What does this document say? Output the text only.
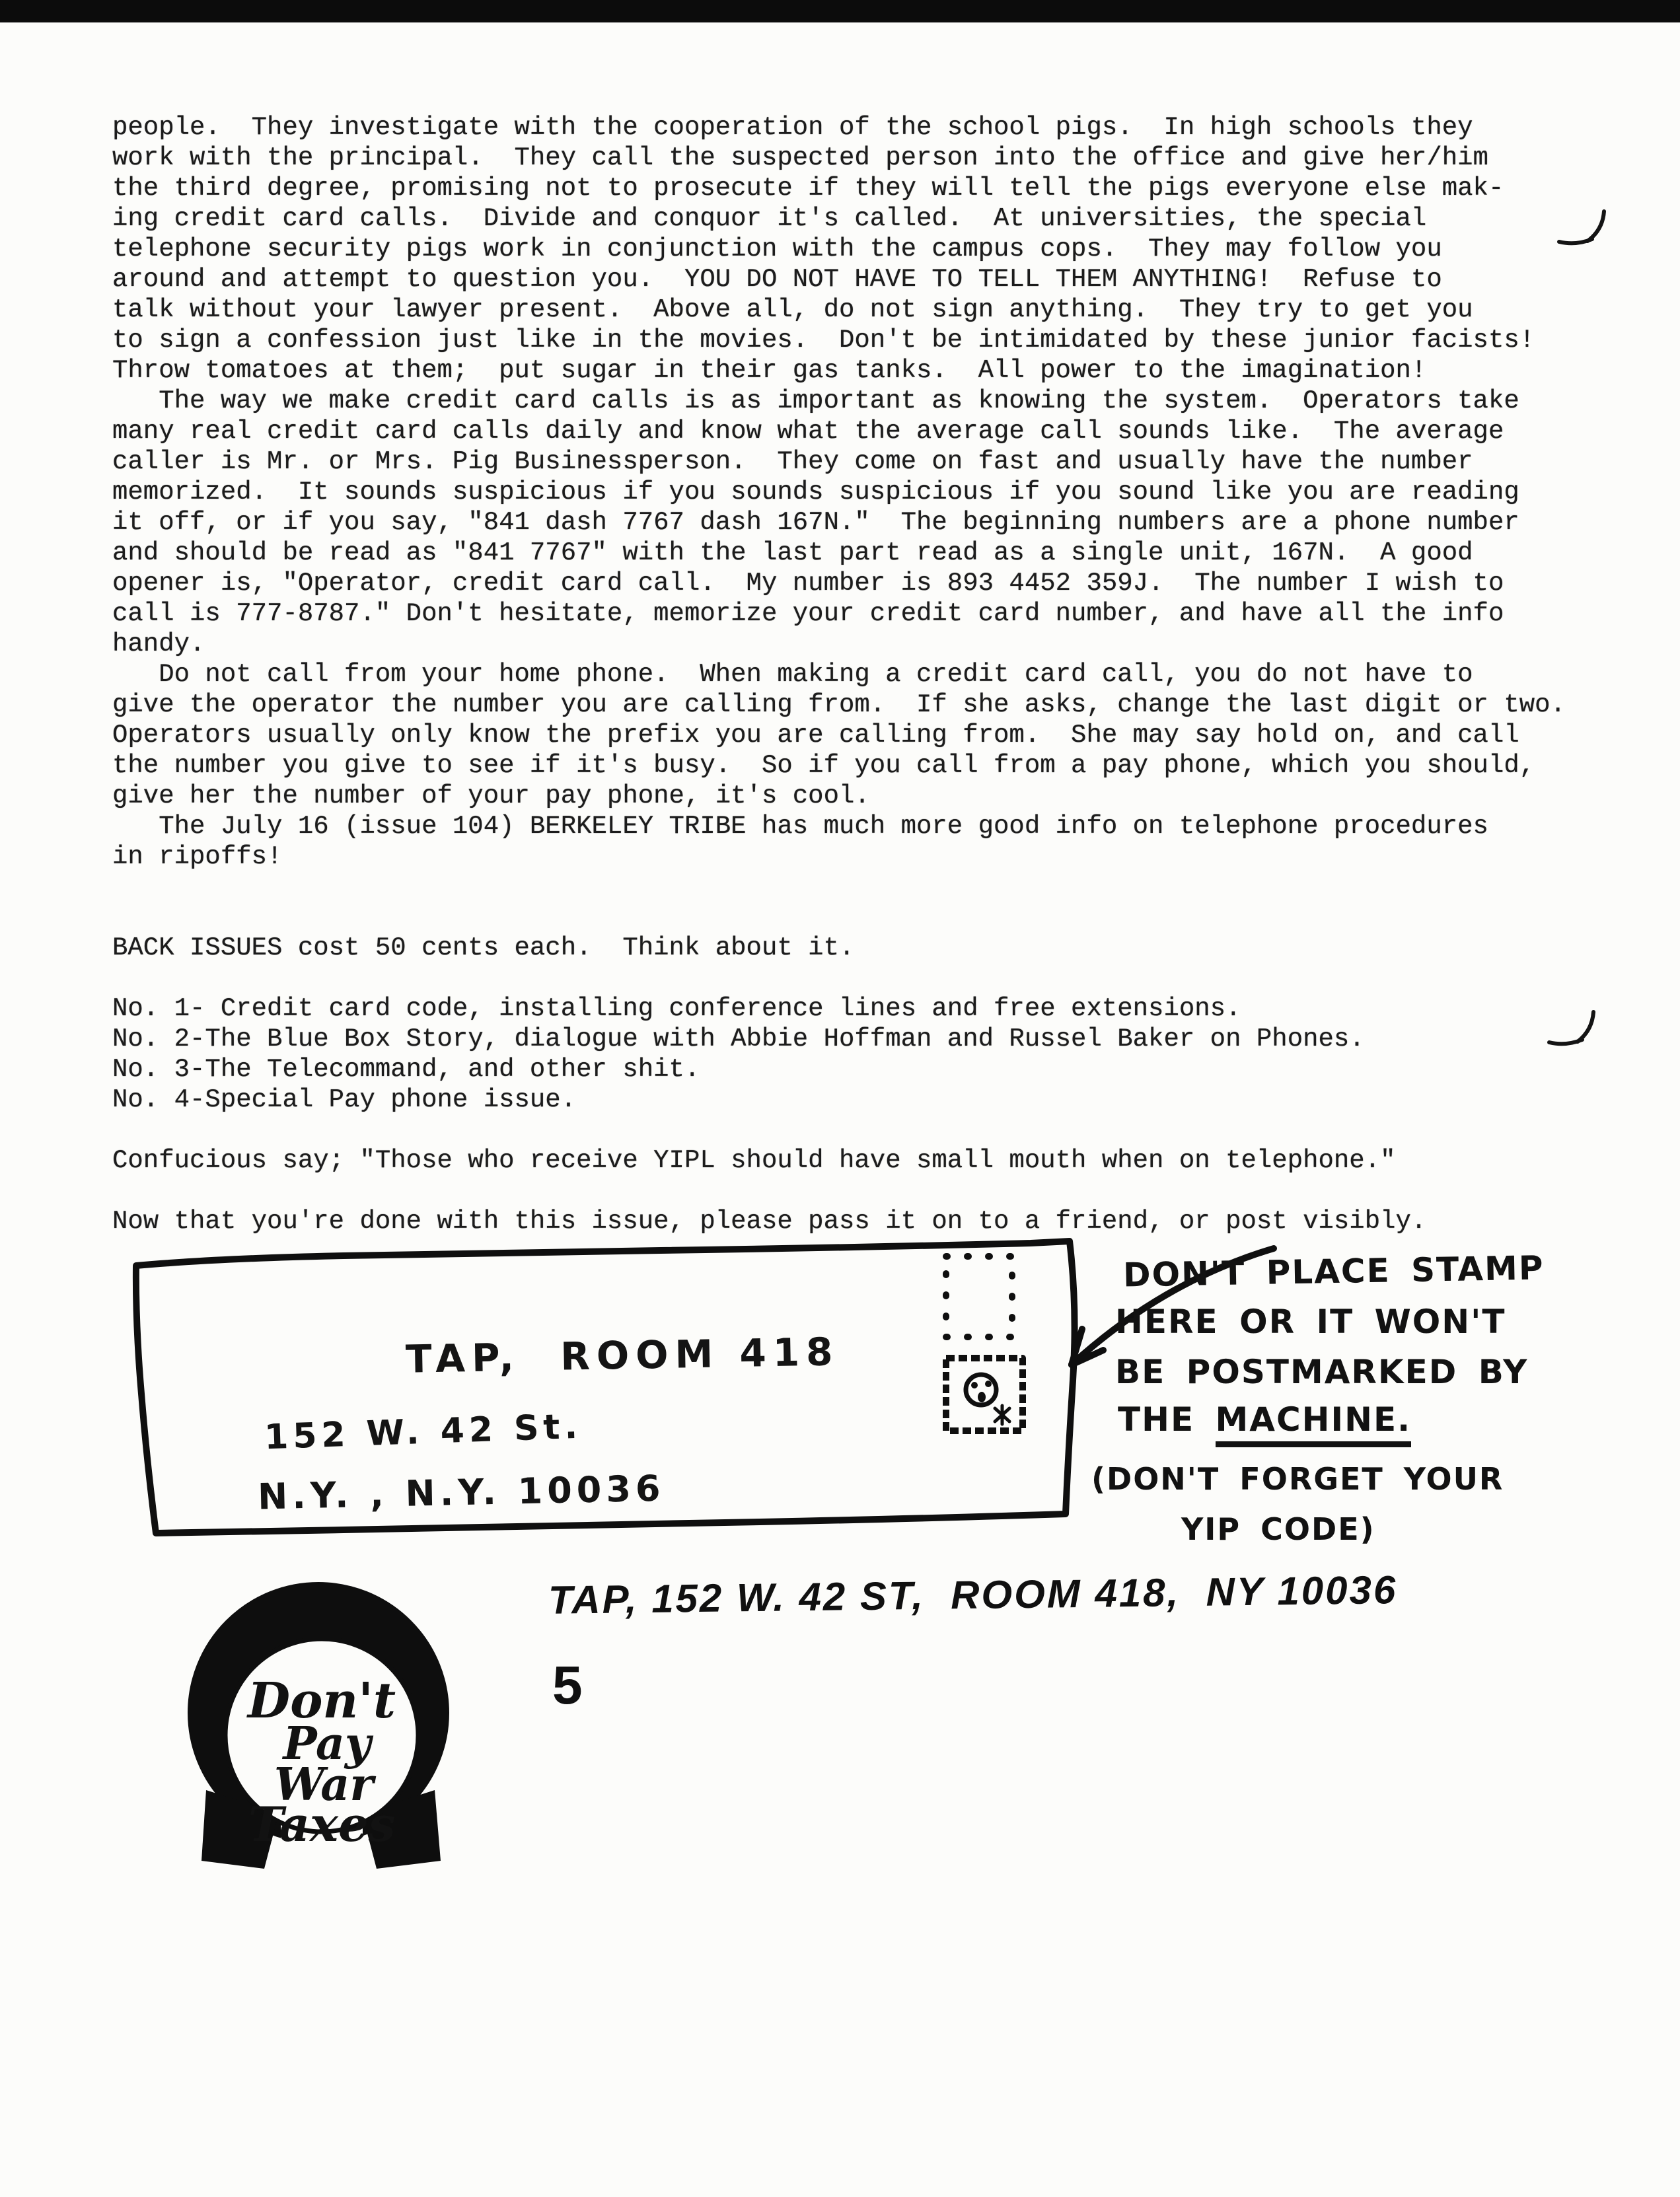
people.  They investigate with the cooperation of the school pigs.  In high schools they
work with the principal.  They call the suspected person into the office and give her/him
the third degree, promising not to prosecute if they will tell the pigs everyone else mak-
ing credit card calls.  Divide and conquor it's called.  At universities, the special
telephone security pigs work in conjunction with the campus cops.  They may follow you
around and attempt to question you.  YOU DO NOT HAVE TO TELL THEM ANYTHING!  Refuse to
talk without your lawyer present.  Above all, do not sign anything.  They try to get you
to sign a confession just like in the movies.  Don't be intimidated by these junior facists!
Throw tomatoes at them;  put sugar in their gas tanks.  All power to the imagination!
The way we make credit card calls is as important as knowing the system.  Operators take
many real credit card calls daily and know what the average call sounds like.  The average
caller is Mr. or Mrs. Pig Businessperson.  They come on fast and usually have the number
memorized.  It sounds suspicious if you sounds suspicious if you sound like you are reading
it off, or if you say, "841 dash 7767 dash 167N."  The beginning numbers are a phone number
and should be read as "841 7767" with the last part read as a single unit, 167N.  A good
opener is, "Operator, credit card call.  My number is 893 4452 359J.  The number I wish to
call is 777-8787." Don't hesitate, memorize your credit card number, and have all the info
handy.
Do not call from your home phone.  When making a credit card call, you do not have to
give the operator the number you are calling from.  If she asks, change the last digit or two.
Operators usually only know the prefix you are calling from.  She may say hold on, and call
the number you give to see if it's busy.  So if you call from a pay phone, which you should,
give her the number of your pay phone, it's cool.
The July 16 (issue 104) BERKELEY TRIBE has much more good info on telephone procedures
in ripoffs!

BACK ISSUES cost 50 cents each.  Think about it.

No. 1- Credit card code, installing conference lines and free extensions.
No. 2-The Blue Box Story, dialogue with Abbie Hoffman and Russel Baker on Phones.
No. 3-The Telecommand, and other shit.
No. 4-Special Pay phone issue.

Confucious say; "Those who receive YIPL should have small mouth when on telephone."

Now that you're done with this issue, please pass it on to a friend, or post visibly.
TAP,  ROOM 418
152 W. 42 St.
N.Y. , N.Y. 10036
DON'T PLACE STAMP
HERE OR IT WON'T
BE POSTMARKED BY
THE MACHINE.
(DON'T FORGET YOUR
YIP CODE)
TAP, 152 W. 42 ST,  ROOM 418,  NY 10036
5
Don't
Pay
War
Taxes
